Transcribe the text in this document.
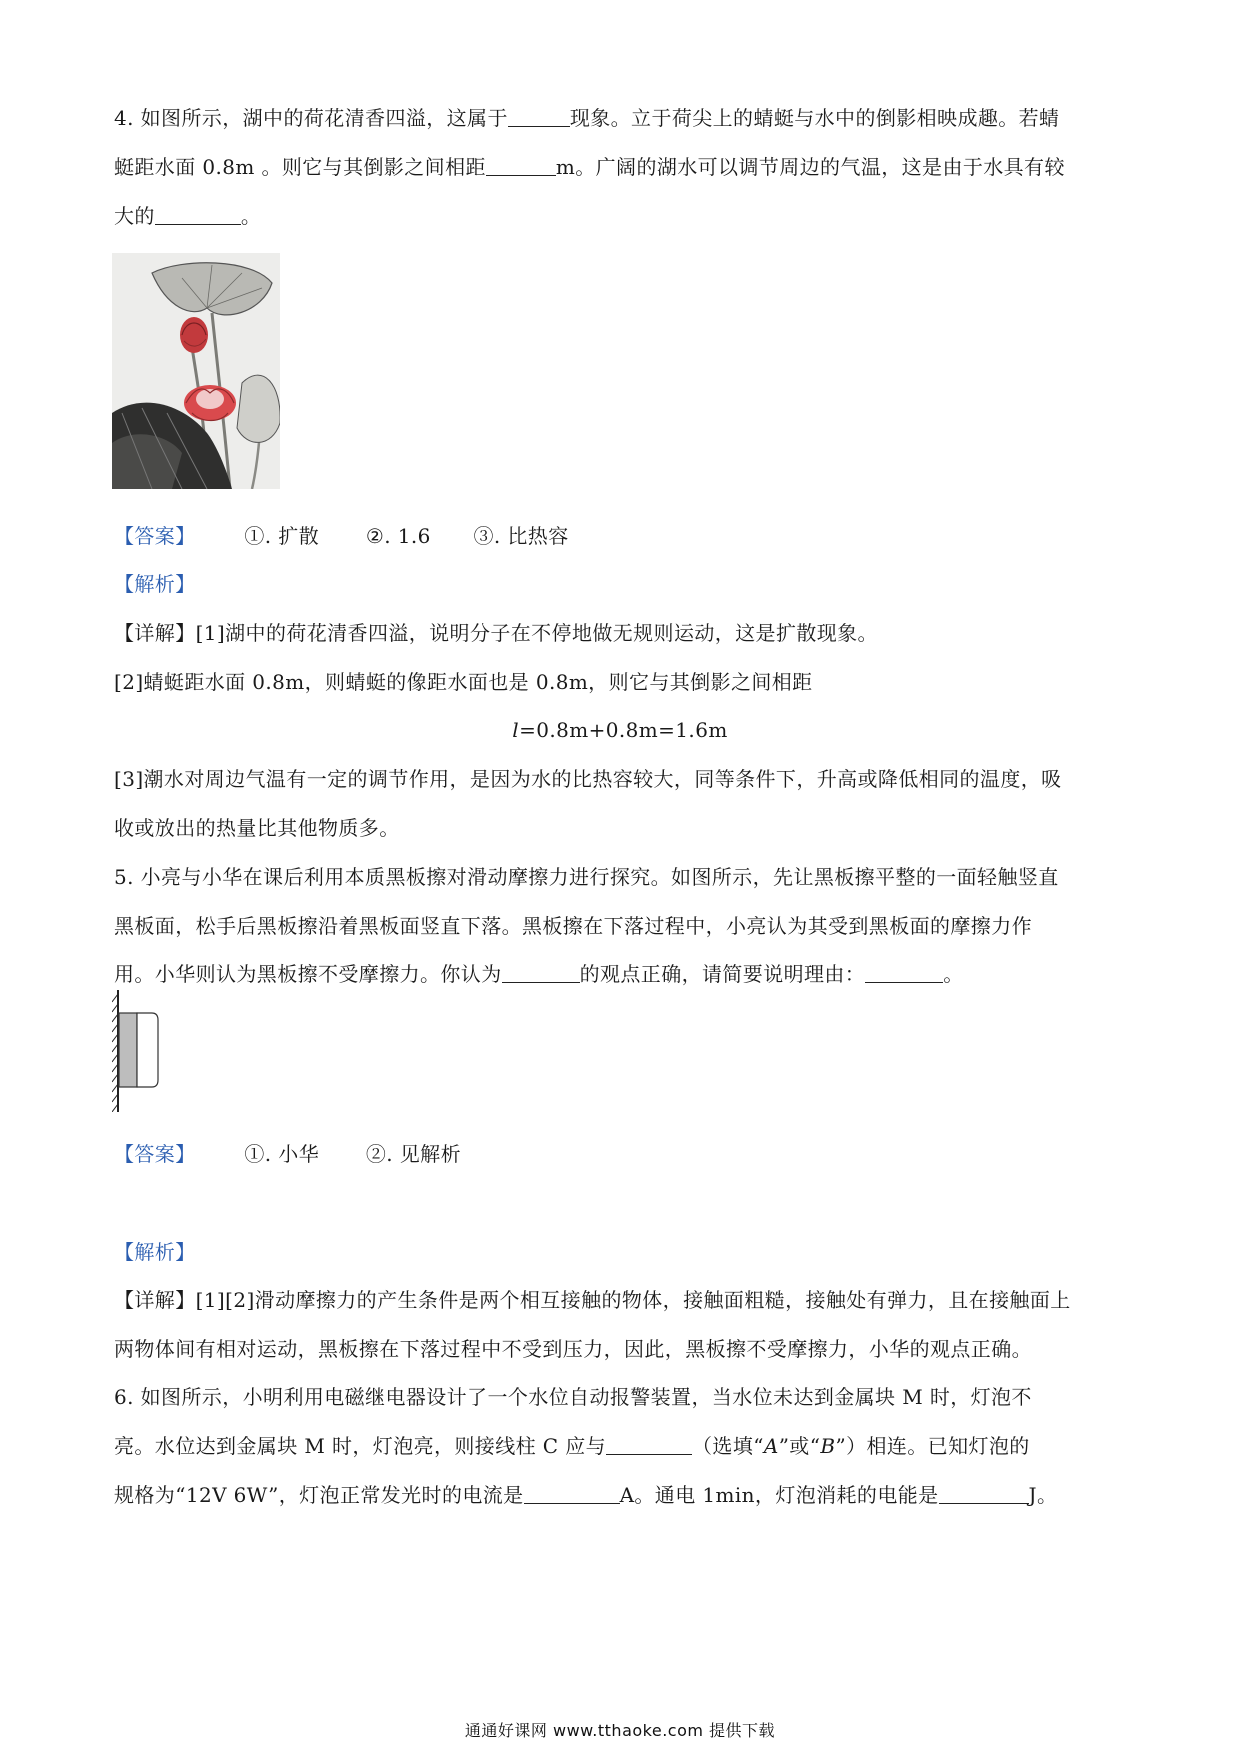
4. 如图所示，湖中的荷花清香四溢，这属于	现象。立于荷尖上的蜻蜓与水中的倒影相映成趣。若蜻
蜓距水面 0.8m 。则它与其倒影之间相距	m。广阔的湖水可以调节周边的气温，这是由于水具有较
大的	。
【答案】 ①. 扩散 ②. 1.6 ③. 比热容
【解析】
【详解】[1]湖中的荷花清香四溢，说明分子在不停地做无规则运动，这是扩散现象。
[2]蜻蜓距水面 0.8m，则蜻蜓的像距水面也是 0.8m，则它与其倒影之间相距
l=0.8m+0.8m=1.6m
[3]潮水对周边气温有一定的调节作用，是因为水的比热容较大，同等条件下，升高或降低相同的温度，吸
收或放出的热量比其他物质多。
5. 小亮与小华在课后利用本质黑板擦对滑动摩擦力进行探究。如图所示，先让黑板擦平整的一面轻触竖直
黑板面，松手后黑板擦沿着黑板面竖直下落。黑板擦在下落过程中，小亮认为其受到黑板面的摩擦力作
用。小华则认为黑板擦不受摩擦力。你认为	的观点正确，请简要说明理由：	。
【答案】 ①. 小华 ②. 见解析
【解析】
【详解】[1][2]滑动摩擦力的产生条件是两个相互接触的物体，接触面粗糙，接触处有弹力，且在接触面上
两物体间有相对运动，黑板擦在下落过程中不受到压力，因此，黑板擦不受摩擦力，小华的观点正确。
6. 如图所示，小明利用电磁继电器设计了一个水位自动报警装置，当水位未达到金属块 M 时，灯泡不
亮。水位达到金属块 M 时，灯泡亮，则接线柱 C 应与	（选填“A”或“B”）相连。已知灯泡的
规格为“12V 6W”，灯泡正常发光时的电流是	A。通电 1min，灯泡消耗的电能是	J。
通通好课网 www.tthaoke.com 提供下载
